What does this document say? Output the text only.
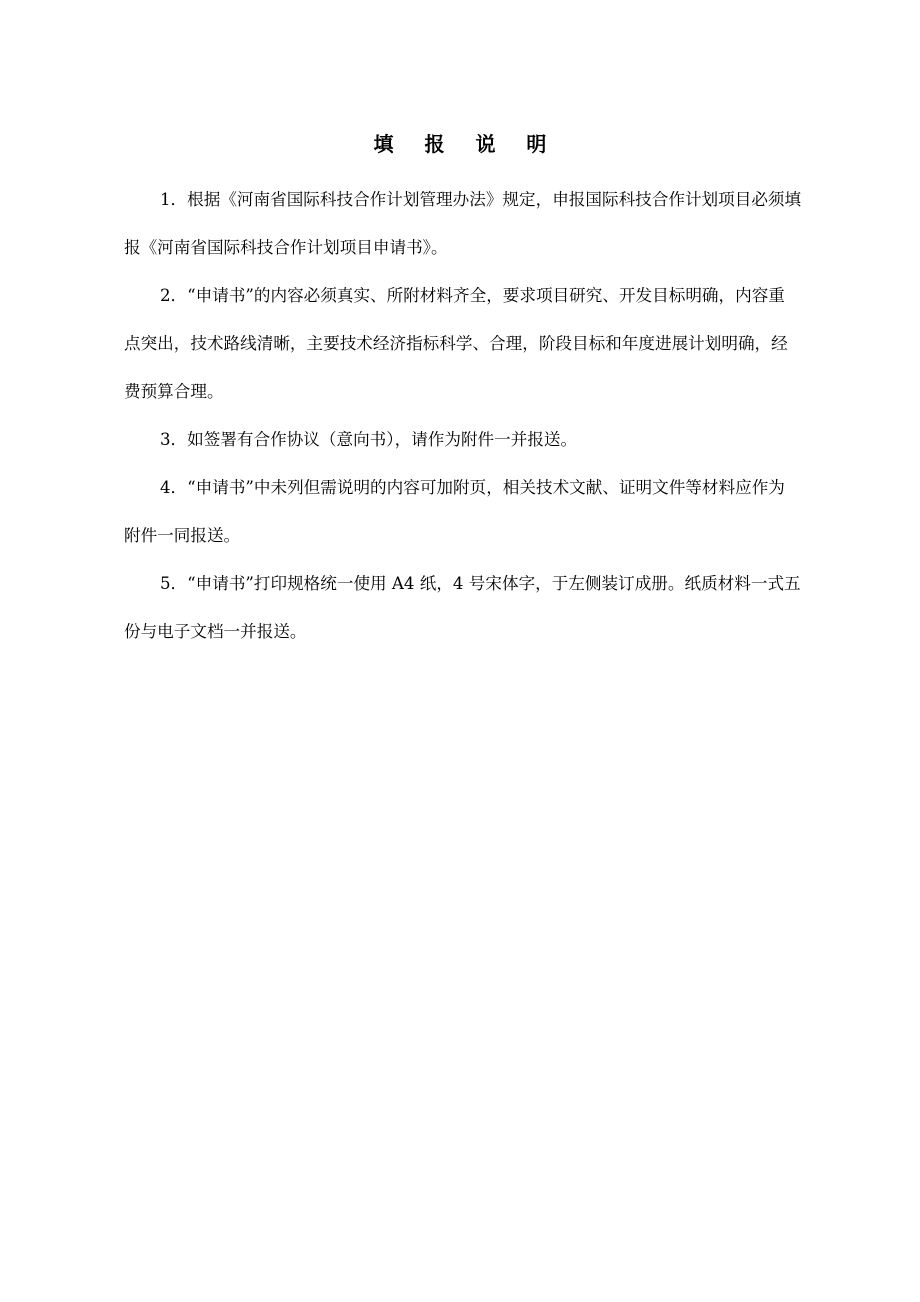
填 报 说 明
1．根据《河南省国际科技合作计划管理办法》规定，申报国际科技合作计划项目必须填
报《河南省国际科技合作计划项目申请书》。
2．“申请书”的内容必须真实、所附材料齐全，要求项目研究、开发目标明确，内容重
点突出，技术路线清晰，主要技术经济指标科学、合理，阶段目标和年度进展计划明确，经
费预算合理。
3．如签署有合作协议（意向书），请作为附件一并报送。
4．“申请书”中未列但需说明的内容可加附页，相关技术文献、证明文件等材料应作为
附件一同报送。
5．“申请书”打印规格统一使用 A4 纸，4 号宋体字，于左侧装订成册。纸质材料一式五
份与电子文档一并报送。
